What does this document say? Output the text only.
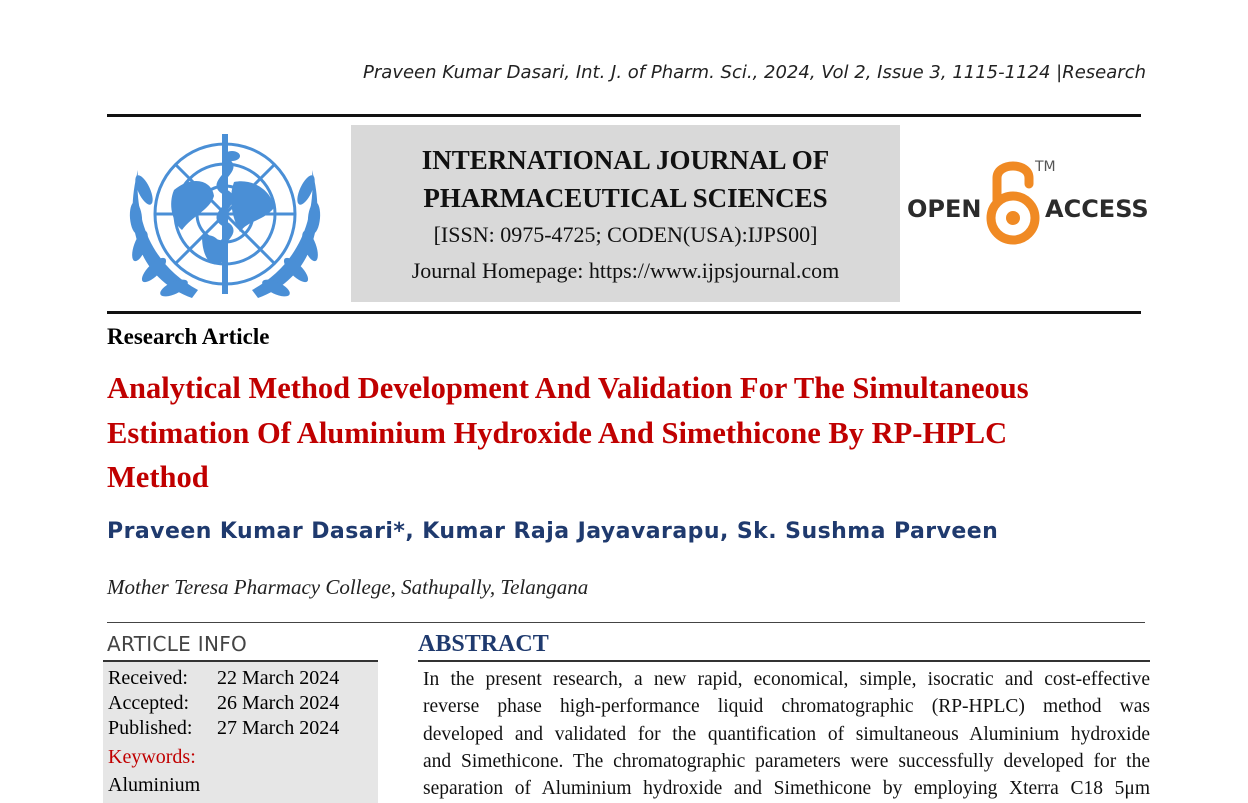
Praveen Kumar Dasari, Int. J. of Pharm. Sci., 2024, Vol 2, Issue 3, 1115-1124 |Research
INTERNATIONAL JOURNAL OF
PHARMACEUTICAL SCIENCES
[ISSN: 0975-4725; CODEN(USA):IJPS00]
Journal Homepage: https://www.ijpsjournal.com
OPEN
TM
ACCESS
Research Article
Analytical Method Development And Validation For The Simultaneous
Estimation Of Aluminium Hydroxide And Simethicone By RP-HPLC
Method
Praveen Kumar Dasari*, Kumar Raja Jayavarapu, Sk. Sushma Parveen
Mother Teresa Pharmacy College, Sathupally, Telangana
ARTICLE INFO
Received: 22 March 2024
Accepted: 26 March 2024
Published: 27 March 2024
Keywords:
Aluminium
ABSTRACT
In the present research, a new rapid, economical, simple, isocratic and cost-effective
reverse phase high-performance liquid chromatographic (RP-HPLC) method was
developed and validated for the quantification of simultaneous Aluminium hydroxide
and Simethicone. The chromatographic parameters were successfully developed for the
separation of Aluminium hydroxide and Simethicone by employing Xterra C18 5μm
